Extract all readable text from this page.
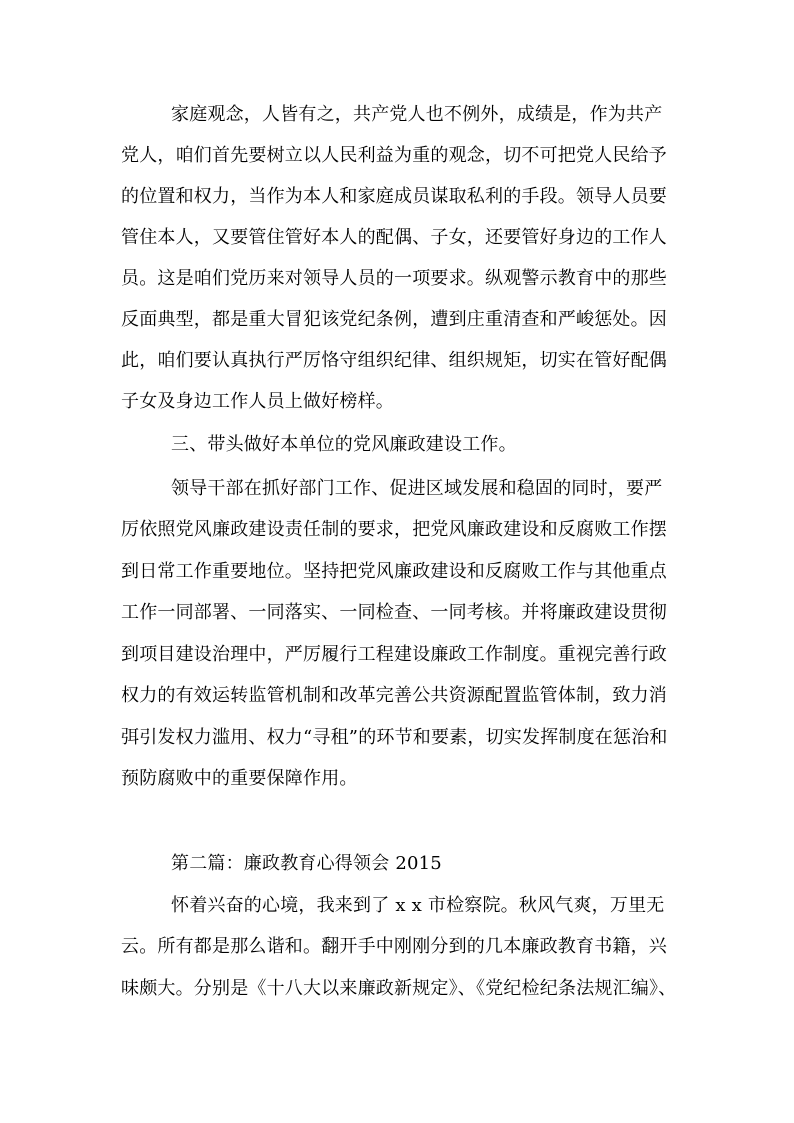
家庭观念，人皆有之，共产党人也不例外，成绩是，作为共产
党人，咱们首先要树立以人民利益为重的观念，切不可把党人民给予
的位置和权力，当作为本人和家庭成员谋取私利的手段。领导人员要
管住本人，又要管住管好本人的配偶、子女，还要管好身边的工作人
员。这是咱们党历来对领导人员的一项要求。纵观警示教育中的那些
反面典型，都是重大冒犯该党纪条例，遭到庄重清查和严峻惩处。因
此，咱们要认真执行严厉恪守组织纪律、组织规矩，切实在管好配偶
子女及身边工作人员上做好榜样。
三、带头做好本单位的党风廉政建设工作。
领导干部在抓好部门工作、促进区域发展和稳固的同时，要严
厉依照党风廉政建设责任制的要求，把党风廉政建设和反腐败工作摆
到日常工作重要地位。坚持把党风廉政建设和反腐败工作与其他重点
工作一同部署、一同落实、一同检查、一同考核。并将廉政建设贯彻
到项目建设治理中，严厉履行工程建设廉政工作制度。重视完善行政
权力的有效运转监管机制和改革完善公共资源配置监管体制，致力消
弭引发权力滥用、权力“寻租”的环节和要素，切实发挥制度在惩治和
预防腐败中的重要保障作用。
第二篇：廉政教育心得领会 2015
怀着兴奋的心境，我来到了 x x 市检察院。秋风气爽，万里无
云。所有都是那么谐和。翻开手中刚刚分到的几本廉政教育书籍，兴
味颇大。分别是《十八大以来廉政新规定》、《党纪检纪条法规汇编》、
